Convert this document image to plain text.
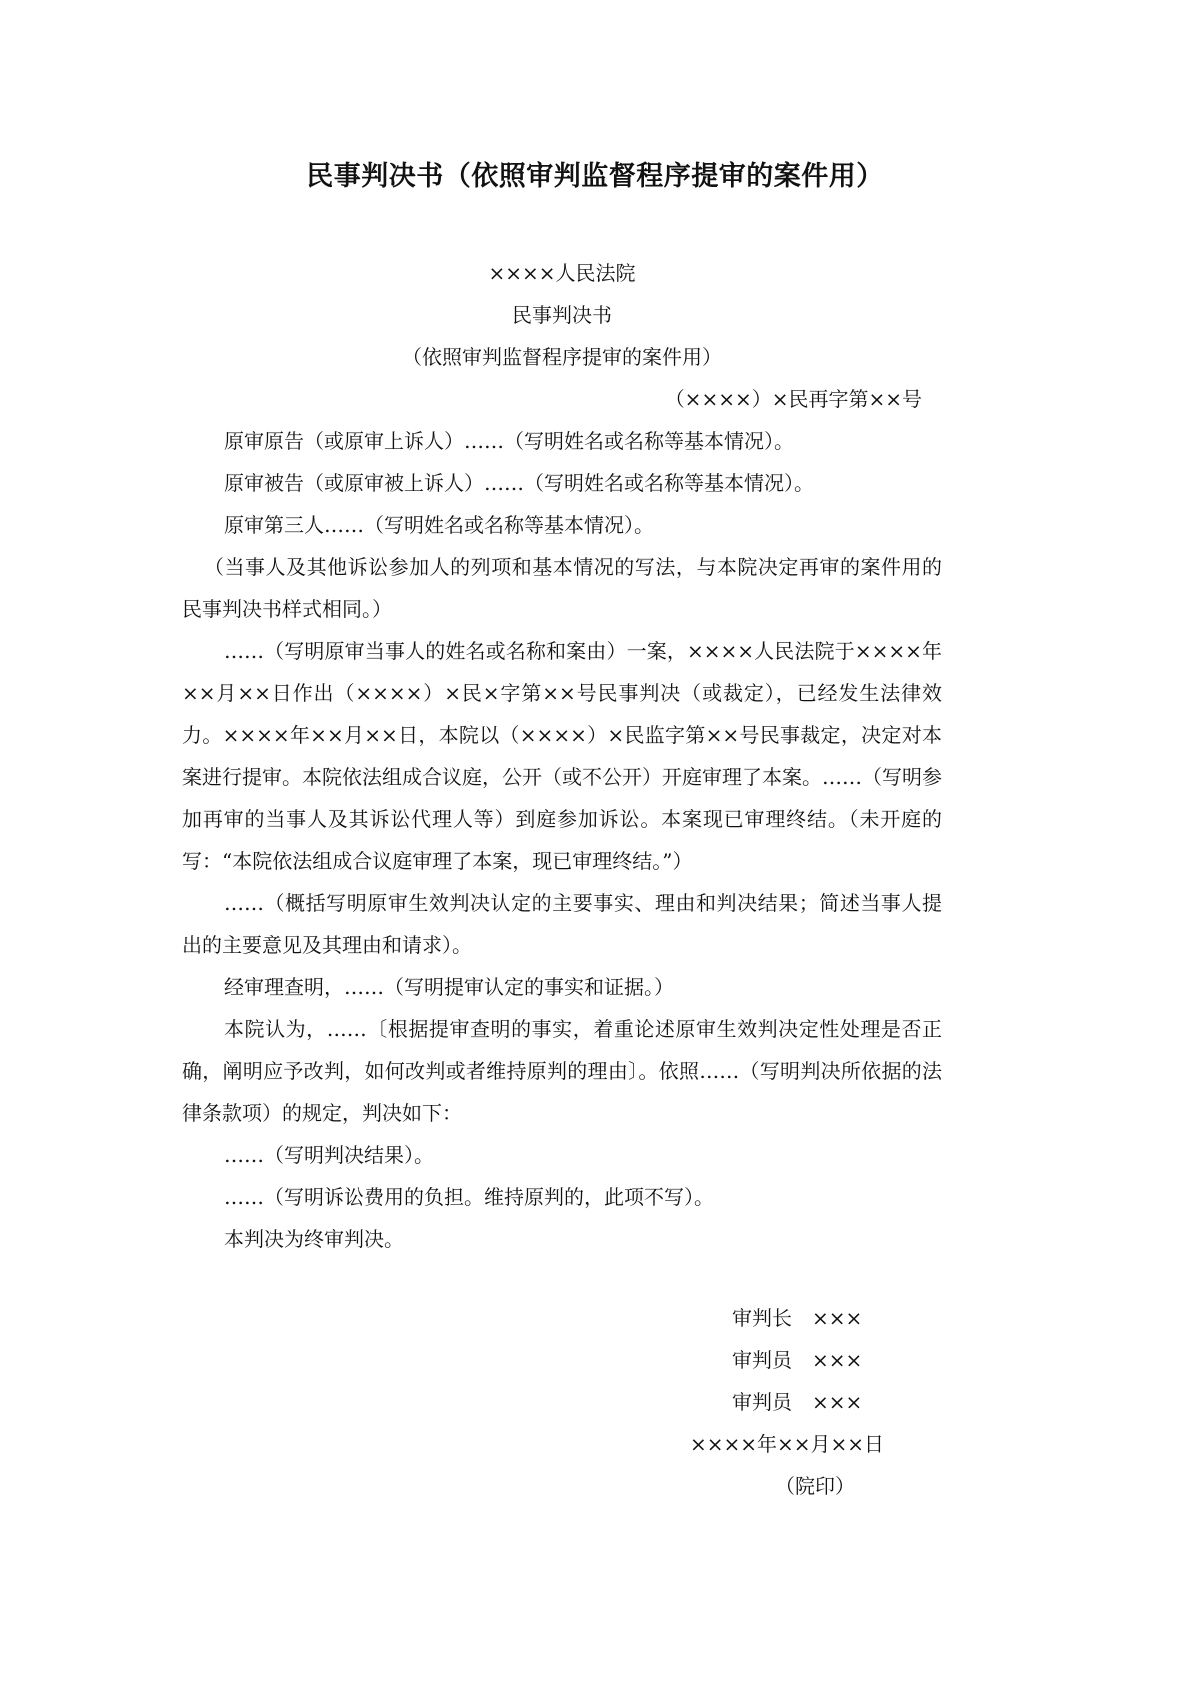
民事判决书（依照审判监督程序提审的案件用）

××××人民法院

民事判决书

（依照审判监督程序提审的案件用）

（××××）×民再字第××号

原审原告（或原审上诉人）……（写明姓名或名称等基本情况）。

原审被告（或原审被上诉人）……（写明姓名或名称等基本情况）。

原审第三人……（写明姓名或名称等基本情况）。

（当事人及其他诉讼参加人的列项和基本情况的写法，与本院决定再审的案件用的民事判决书样式相同。）

……（写明原审当事人的姓名或名称和案由）一案，××××人民法院于××××年××月××日作出（××××）×民×字第××号民事判决（或裁定），已经发生法律效力。××××年××月××日，本院以（××××）×民监字第××号民事裁定，决定对本案进行提审。本院依法组成合议庭，公开（或不公开）开庭审理了本案。……（写明参加再审的当事人及其诉讼代理人等）到庭参加诉讼。本案现已审理终结。（未开庭的写：“本院依法组成合议庭审理了本案，现已审理终结。”）

……（概括写明原审生效判决认定的主要事实、理由和判决结果；简述当事人提出的主要意见及其理由和请求）。

经审理查明，……（写明提审认定的事实和证据。）

本院认为，……〔根据提审查明的事实，着重论述原审生效判决定性处理是否正确，阐明应予改判，如何改判或者维持原判的理由〕。依照……（写明判决所依据的法律条款项）的规定，判决如下：

……（写明判决结果）。

……（写明诉讼费用的负担。维持原判的，此项不写）。

本判决为终审判决。

审判长　×××
审判员　×××
审判员　×××
××××年××月××日
（院印）
